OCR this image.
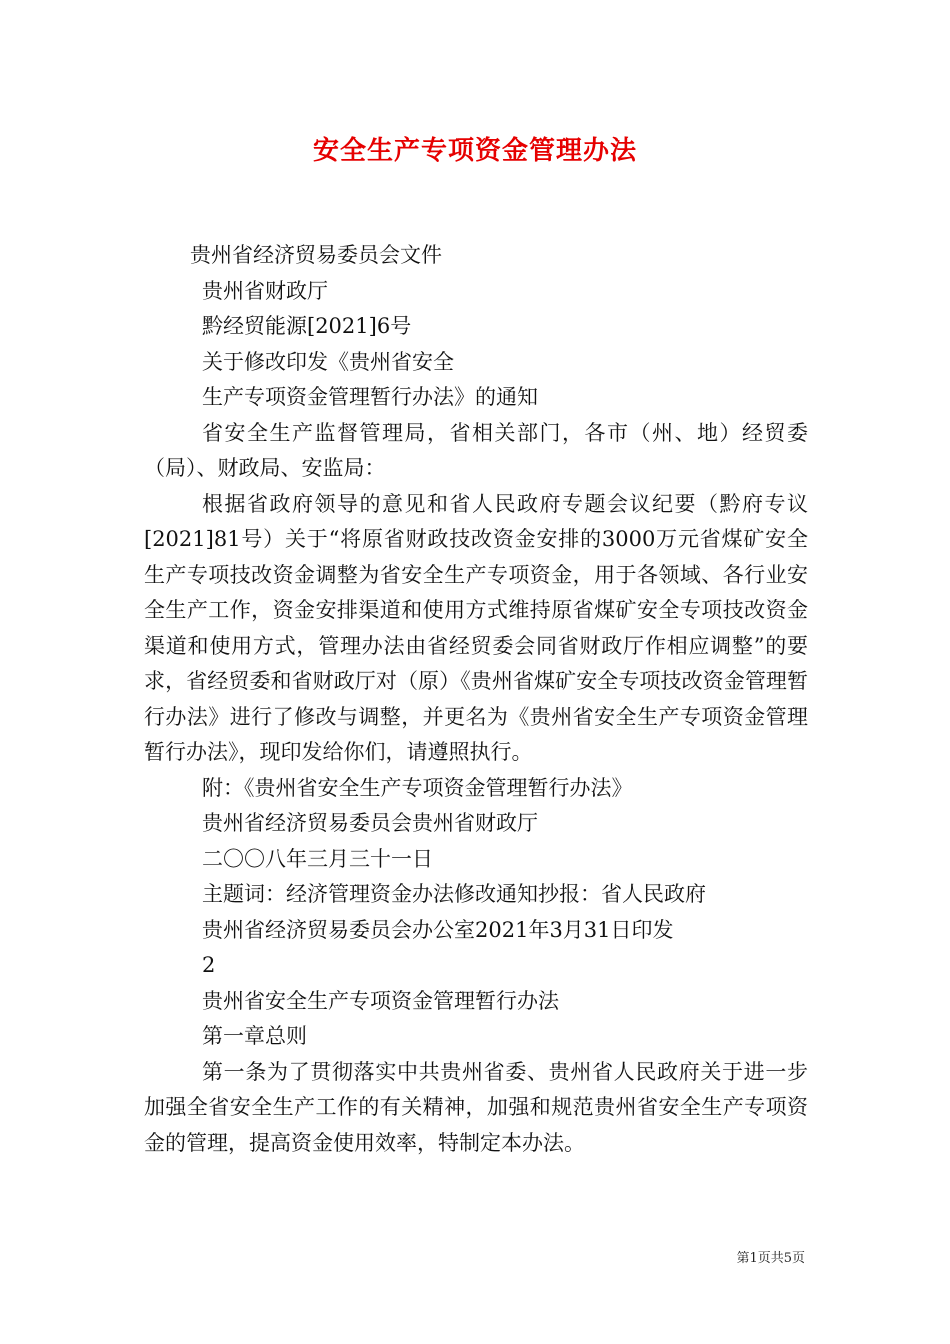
安全生产专项资金管理办法

贵州省经济贸易委员会文件

贵州省财政厅

黔经贸能源[2021]6号

关于修改印发《贵州省安全

生产专项资金管理暂行办法》的通知

省安全生产监督管理局，省相关部门，各市（州、地）经贸委（局）、财政局、安监局：

根据省政府领导的意见和省人民政府专题会议纪要（黔府专议[2021]81号）关于“将原省财政技改资金安排的3000万元省煤矿安全生产专项技改资金调整为省安全生产专项资金，用于各领域、各行业安全生产工作，资金安排渠道和使用方式维持原省煤矿安全专项技改资金渠道和使用方式，管理办法由省经贸委会同省财政厅作相应调整”的要求，省经贸委和省财政厅对（原）《贵州省煤矿安全专项技改资金管理暂行办法》进行了修改与调整，并更名为《贵州省安全生产专项资金管理暂行办法》，现印发给你们，请遵照执行。

附：《贵州省安全生产专项资金管理暂行办法》

贵州省经济贸易委员会贵州省财政厅

二〇〇八年三月三十一日

主题词：经济管理资金办法修改通知抄报：省人民政府

贵州省经济贸易委员会办公室2021年3月31日印发

2

贵州省安全生产专项资金管理暂行办法

第一章总则

第一条为了贯彻落实中共贵州省委、贵州省人民政府关于进一步加强全省安全生产工作的有关精神，加强和规范贵州省安全生产专项资金的管理，提高资金使用效率，特制定本办法。

第1页共5页
